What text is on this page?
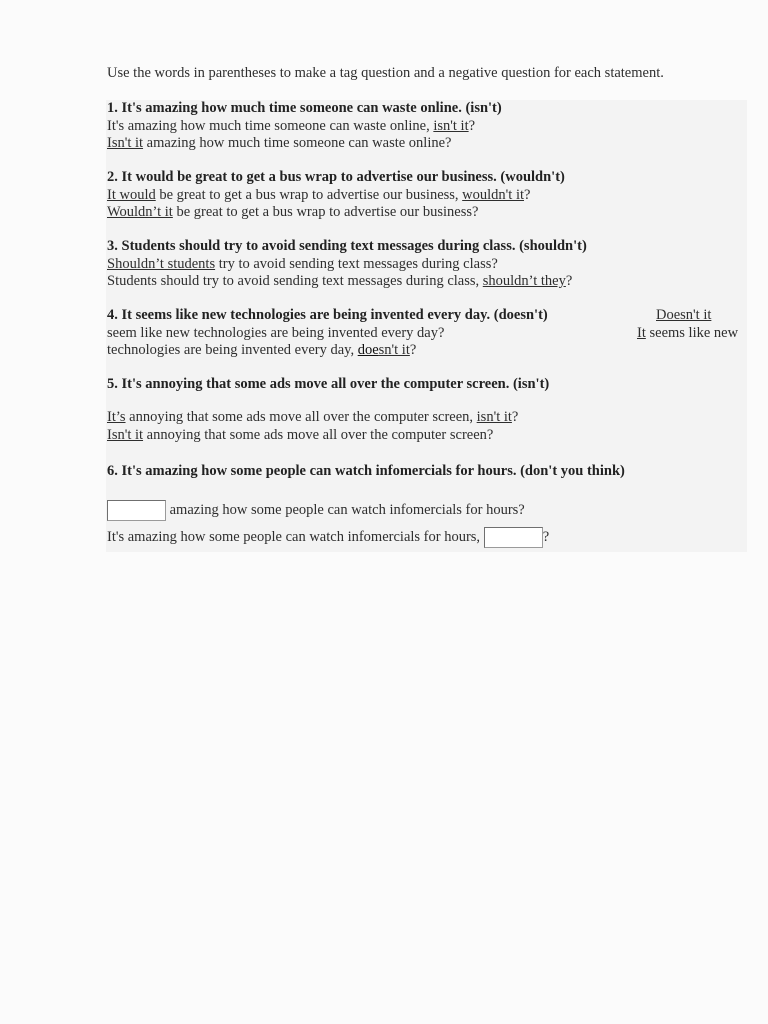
Use the words in parentheses to make a tag question and a negative question for each statement.
1. It's amazing how much time someone can waste online. (isn't)
It's amazing how much time someone can waste online, isn't it?
Isn't it amazing how much time someone can waste online?
2. It would be great to get a bus wrap to advertise our business. (wouldn't)
It would be great to get a bus wrap to advertise our business, wouldn't it?
Wouldn’t it be great to get a bus wrap to advertise our business?
3. Students should try to avoid sending text messages during class. (shouldn't)
Shouldn’t students try to avoid sending text messages during class?
Students should try to avoid sending text messages during class, shouldn’t they?
4. It seems like new technologies are being invented every day. (doesn't)	Doesn't it
seem like new technologies are being invented every day?	It seems like new
technologies are being invented every day, doesn't it?
5. It's annoying that some ads move all over the computer screen. (isn't)
It’s annoying that some ads move all over the computer screen, isn't it?
Isn't it annoying that some ads move all over the computer screen?
6. It's amazing how some people can watch infomercials for hours. (don't you think)
amazing how some people can watch infomercials for hours?
It's amazing how some people can watch infomercials for hours,	?
